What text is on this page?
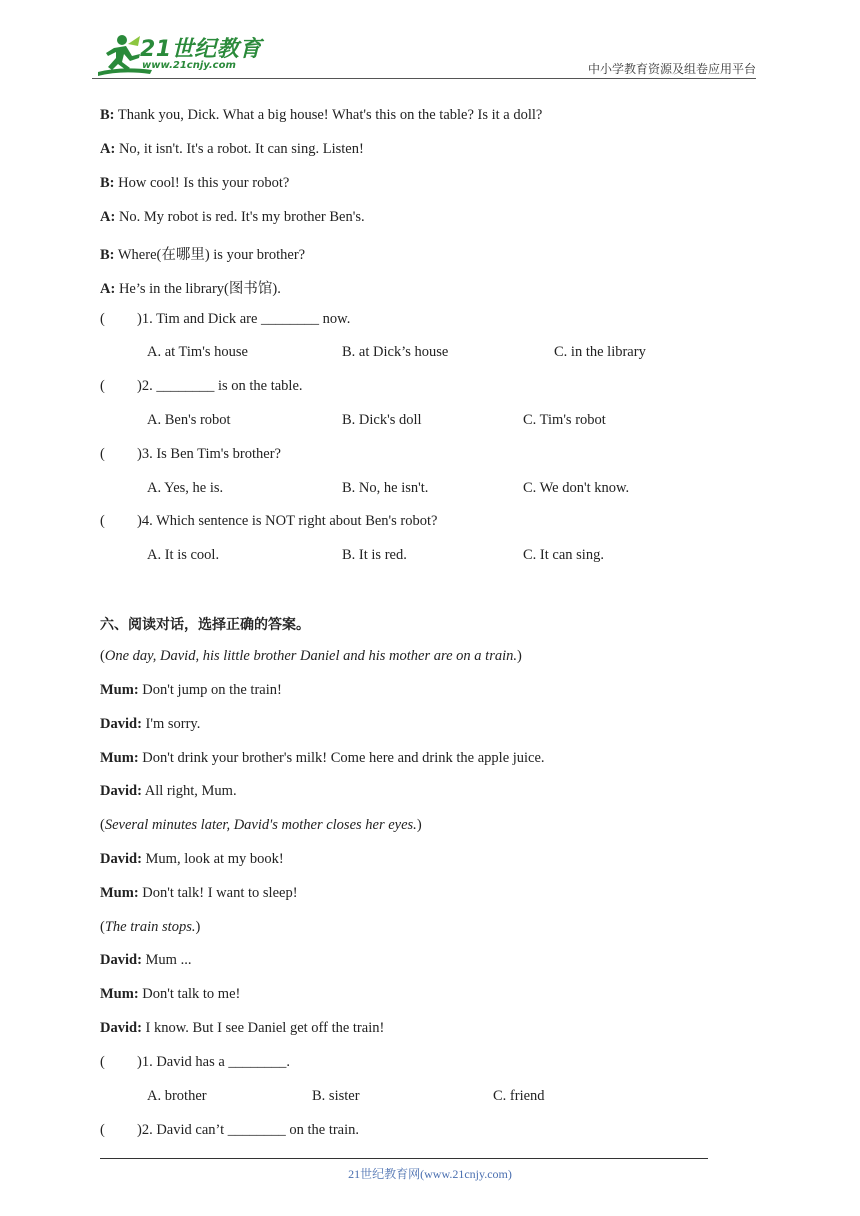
21世纪教育
www.21cnjy.com	中小学教育资源及组卷应用平台
B: Thank you, Dick. What a big house! What's this on the table? Is it a doll?
A: No, it isn't. It's a robot. It can sing. Listen!
B: How cool! Is this your robot?
A: No. My robot is red. It's my brother Ben's.
B: Where(在哪里) is your brother?
A: He’s in the library(图书馆).
( )1. Tim and Dick are ________ now.
A. at Tim's house	B. at Dick’s house	C. in the library
( )2. ________ is on the table.
A. Ben's robot	B. Dick's doll	C. Tim's robot
( )3. Is Ben Tim's brother?
A. Yes, he is.	B. No, he isn't.	C. We don't know.
( )4. Which sentence is NOT right about Ben's robot?
A. It is cool.	B. It is red.	C. It can sing.
六、阅读对话，选择正确的答案。
(One day, David, his little brother Daniel and his mother are on a train.)
Mum: Don't jump on the train!
David: I'm sorry.
Mum: Don't drink your brother's milk! Come here and drink the apple juice.
David: All right, Mum.
(Several minutes later, David's mother closes her eyes.)
David: Mum, look at my book!
Mum: Don't talk! I want to sleep!
(The train stops.)
David: Mum ...
Mum: Don't talk to me!
David: I know. But I see Daniel get off the train!
( )1. David has a ________.
A. brother	B. sister	C. friend
( )2. David can’t ________ on the train.
21世纪教育网(www.21cnjy.com)
